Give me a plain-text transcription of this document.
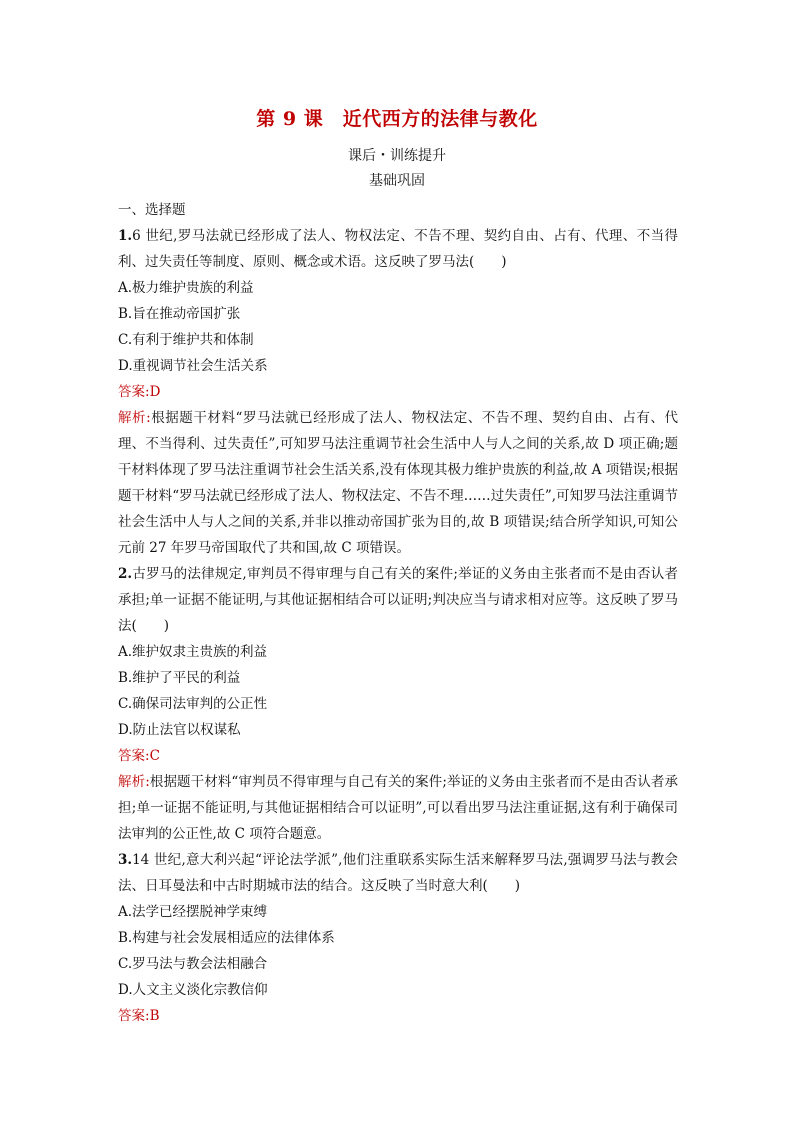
第 9 课　近代西方的法律与教化
课后・训练提升
基础巩固
一、选择题
1.6 世纪,罗马法就已经形成了法人、物权法定、不告不理、契约自由、占有、代理、不当得利、过失责任等制度、原则、概念或术语。这反映了罗马法(　　)
A.极力维护贵族的利益
B.旨在推动帝国扩张
C.有利于维护共和体制
D.重视调节社会生活关系
答案:D
解析:根据题干材料“罗马法就已经形成了法人、物权法定、不告不理、契约自由、占有、代理、不当得利、过失责任”,可知罗马法注重调节社会生活中人与人之间的关系,故 D 项正确;题干材料体现了罗马法注重调节社会生活关系,没有体现其极力维护贵族的利益,故 A 项错误;根据题干材料“罗马法就已经形成了法人、物权法定、不告不理……过失责任”,可知罗马法注重调节社会生活中人与人之间的关系,并非以推动帝国扩张为目的,故 B 项错误;结合所学知识,可知公元前 27 年罗马帝国取代了共和国,故 C 项错误。
2.古罗马的法律规定,审判员不得审理与自己有关的案件;举证的义务由主张者而不是由否认者承担;单一证据不能证明,与其他证据相结合可以证明;判决应当与请求相对应等。这反映了罗马法(　　)
A.维护奴隶主贵族的利益
B.维护了平民的利益
C.确保司法审判的公正性
D.防止法官以权谋私
答案:C
解析:根据题干材料“审判员不得审理与自己有关的案件;举证的义务由主张者而不是由否认者承担;单一证据不能证明,与其他证据相结合可以证明”,可以看出罗马法注重证据,这有利于确保司法审判的公正性,故 C 项符合题意。
3.14 世纪,意大利兴起“评论法学派”,他们注重联系实际生活来解释罗马法,强调罗马法与教会法、日耳曼法和中古时期城市法的结合。这反映了当时意大利(　　)
A.法学已经摆脱神学束缚
B.构建与社会发展相适应的法律体系
C.罗马法与教会法相融合
D.人文主义淡化宗教信仰
答案:B
